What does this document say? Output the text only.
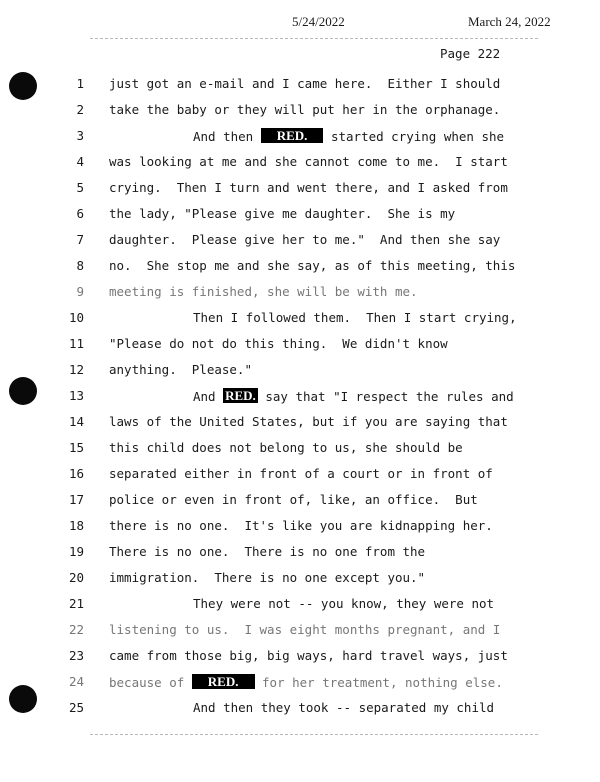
5/24/2022	March 24, 2022
Page 222
1 just got an e-mail and I came here.  Either I should
2 take the baby or they will put her in the orphanage.
3	And then RED. started crying when she
4 was looking at me and she cannot come to me.  I start
5 crying.  Then I turn and went there, and I asked from
6 the lady, "Please give me daughter.  She is my
7 daughter.  Please give her to me."  And then she say
8 no.  She stop me and she say, as of this meeting, this
9 meeting is finished, she will be with me.
10	Then I followed them.  Then I start crying,
11 "Please do not do this thing.  We didn't know
12 anything.  Please."
13	And RED. say that "I respect the rules and
14 laws of the United States, but if you are saying that
15 this child does not belong to us, she should be
16 separated either in front of a court or in front of
17 police or even in front of, like, an office.  But
18 there is no one.  It's like you are kidnapping her.
19 There is no one.  There is no one from the
20 immigration.  There is no one except you."
21	They were not -- you know, they were not
22 listening to us.  I was eight months pregnant, and I
23 came from those big, big ways, hard travel ways, just
24 because of RED. for her treatment, nothing else.
25	And then they took -- separated my child
